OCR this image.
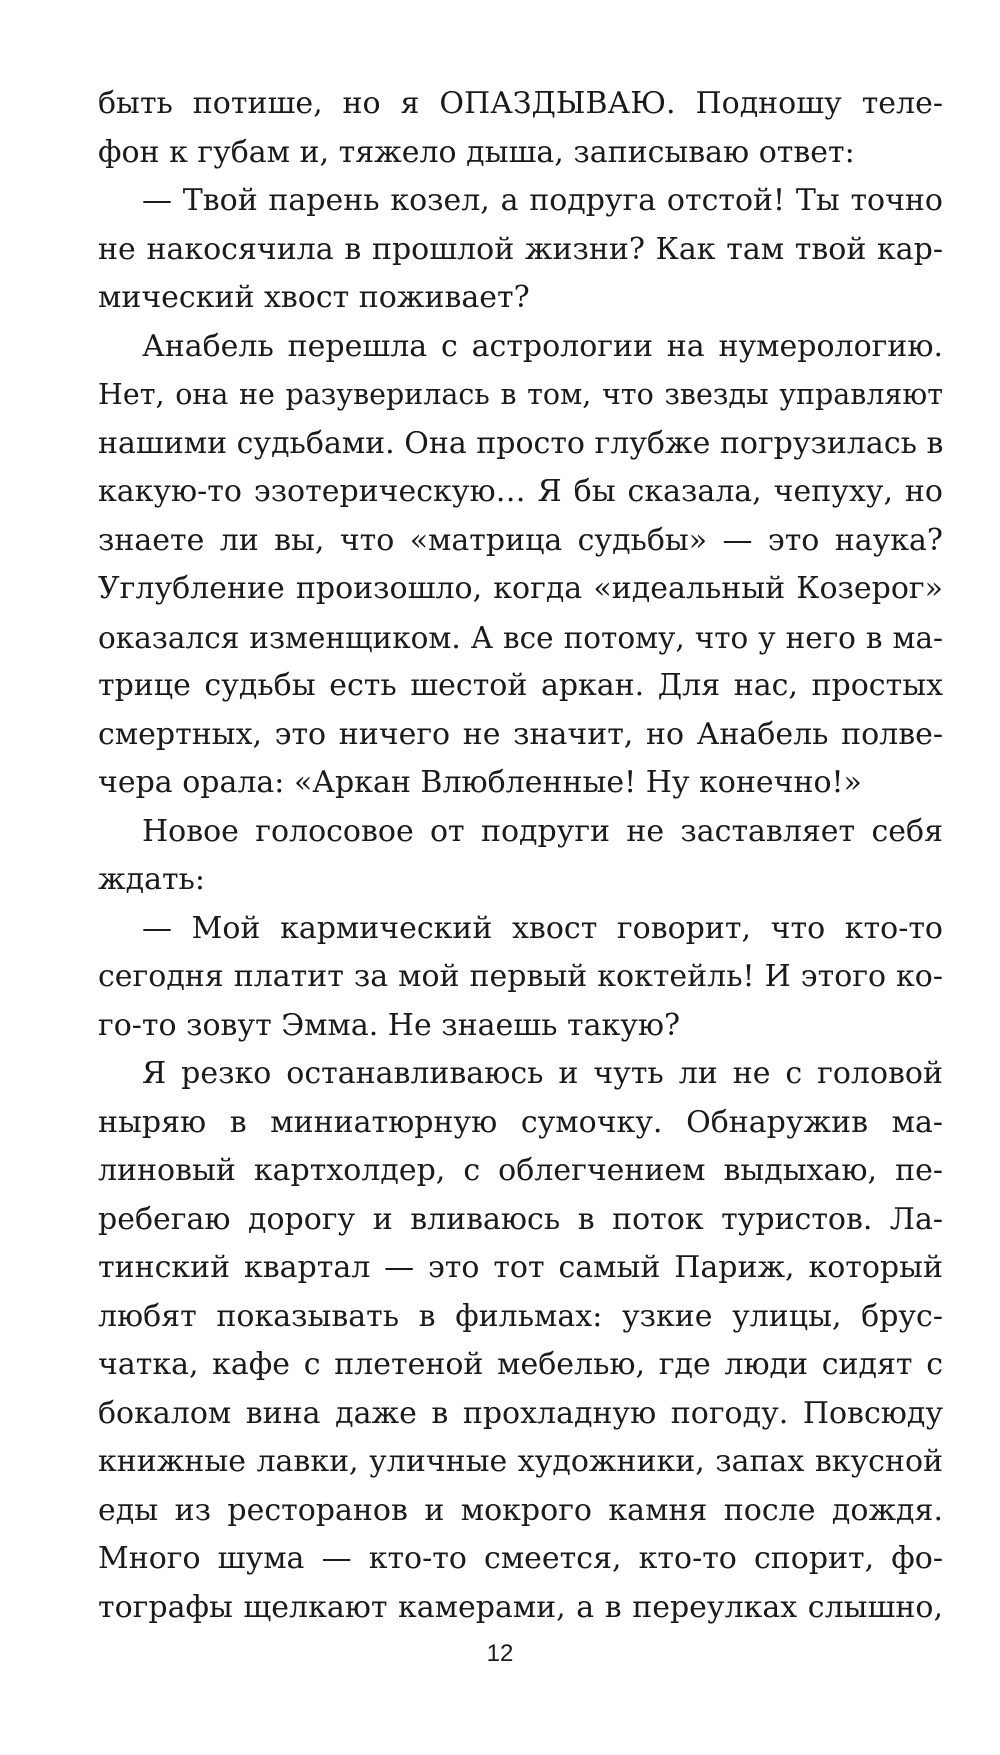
быть потише, но я ОПАЗДЫВАЮ. Подношу теле-
фон к губам и, тяжело дыша, записываю ответ:
— Твой парень козел, а подруга отстой! Ты точно
не накосячила в прошлой жизни? Как там твой кар-
мический хвост поживает?
Анабель перешла с астрологии на нумерологию.
Нет, она не разуверилась в том, что звезды управляют
нашими судьбами. Она просто глубже погрузилась в
какую-то эзотерическую… Я бы сказала, чепуху, но
знаете ли вы, что «матрица судьбы» — это наука?
Углубление произошло, когда «идеальный Козерог»
оказался изменщиком. А все потому, что у него в ма-
трице судьбы есть шестой аркан. Для нас, простых
смертных, это ничего не значит, но Анабель полве-
чера орала: «Аркан Влюбленные! Ну конечно!»
Новое голосовое от подруги не заставляет себя
ждать:
— Мой кармический хвост говорит, что кто-то
сегодня платит за мой первый коктейль! И этого ко-
го-то зовут Эмма. Не знаешь такую?
Я резко останавливаюсь и чуть ли не с головой
ныряю в миниатюрную сумочку. Обнаружив ма-
линовый картхолдер, с облегчением выдыхаю, пе-
ребегаю дорогу и вливаюсь в поток туристов. Ла-
тинский квартал — это тот самый Париж, который
любят показывать в фильмах: узкие улицы, брус-
чатка, кафе с плетеной мебелью, где люди сидят с
бокалом вина даже в прохладную погоду. Повсюду
книжные лавки, уличные художники, запах вкусной
еды из ресторанов и мокрого камня после дождя.
Много шума — кто-то смеется, кто-то спорит, фо-
тографы щелкают камерами, а в переулках слышно,
12
